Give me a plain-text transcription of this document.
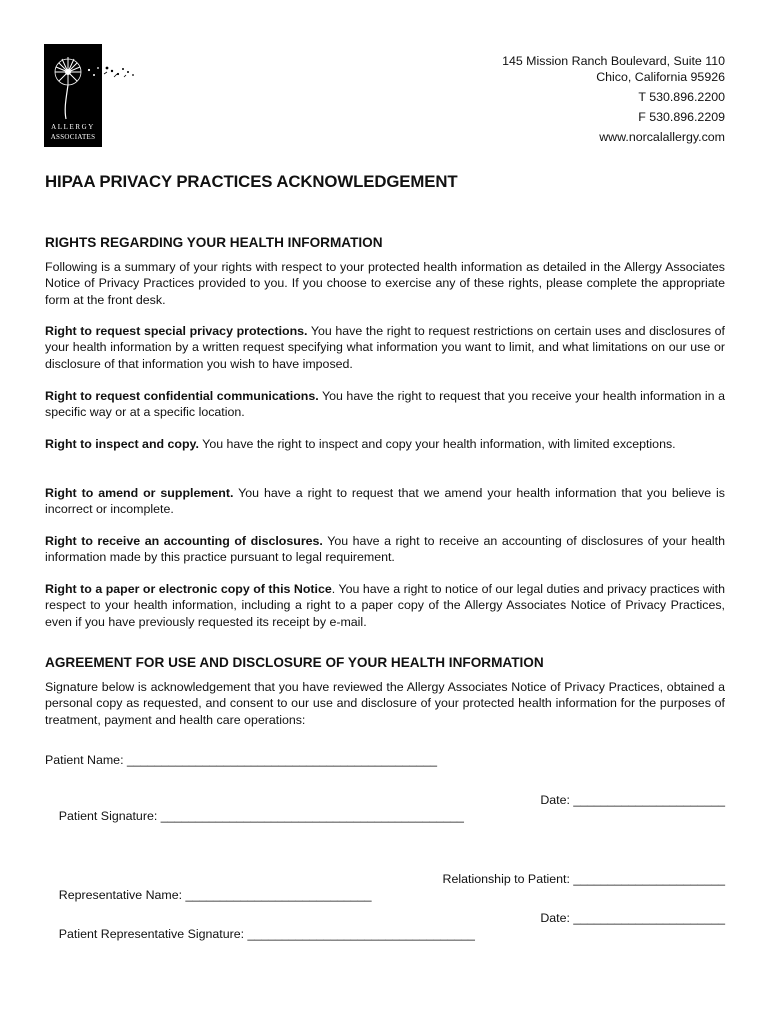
ALLERGY
ASSOCIATES
145 Mission Ranch Boulevard, Suite 110
Chico, California 95926
T 530.896.2200
F 530.896.2209
www.norcalallergy.com
HIPAA PRIVACY PRACTICES ACKNOWLEDGEMENT
RIGHTS REGARDING YOUR HEALTH INFORMATION
Following is a summary of your rights with respect to your protected health information as detailed in the Allergy Associates Notice of Privacy Practices provided to you. If you choose to exercise any of these rights, please complete the appropriate form at the front desk.
Right to request special privacy protections. You have the right to request restrictions on certain uses and disclosures of your health information by a written request specifying what information you want to limit, and what limitations on our use or disclosure of that information you wish to have imposed.
Right to request confidential communications. You have the right to request that you receive your health information in a specific way or at a specific location.
Right to inspect and copy. You have the right to inspect and copy your health information, with limited exceptions.
Right to amend or supplement. You have a right to request that we amend your health information that you believe is incorrect or incomplete.
Right to receive an accounting of disclosures. You have a right to receive an accounting of disclosures of your health information made by this practice pursuant to legal requirement.
Right to a paper or electronic copy of this Notice. You have a right to notice of our legal duties and privacy practices with respect to your health information, including a right to a paper copy of the Allergy Associates Notice of Privacy Practices, even if you have previously requested its receipt by e-mail.
AGREEMENT FOR USE AND DISCLOSURE OF YOUR HEALTH INFORMATION
Signature below is acknowledgement that you have reviewed the Allergy Associates Notice of Privacy Practices, obtained a personal copy as requested, and consent to our use and disclosure of your protected health information for the purposes of treatment, payment and health care operations:
Patient Name: _____________________________________________

Patient Signature: ____________________________________________

Date: ______________________

Representative Name: ___________________________

Relationship to Patient: ______________________

Patient Representative Signature: _________________________________

Date: ______________________
